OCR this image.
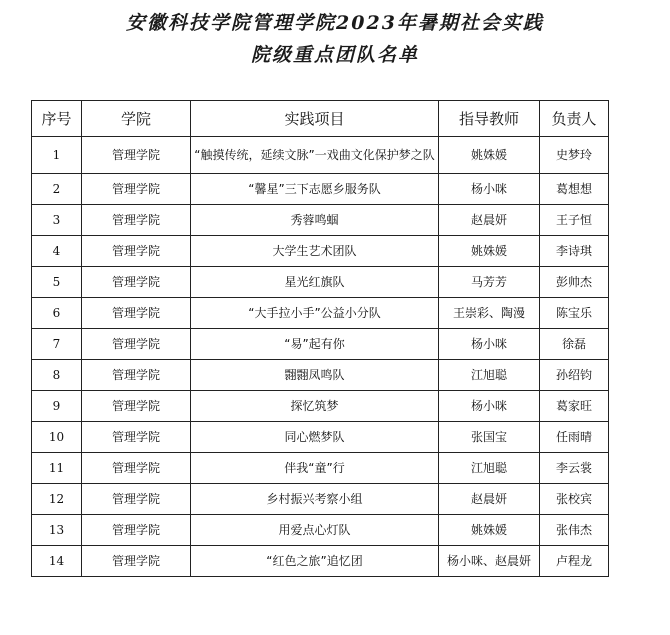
安徽科技学院管理学院2023年暑期社会实践
院级重点团队名单
序号	学院	实践项目	指导教师	负责人
1	管理学院	“触摸传统，延续文脉”一戏曲文化保护梦之队	姚姝媛	史梦玲
2	管理学院	“馨星”三下志愿乡服务队	杨小咪	葛想想
3	管理学院	秀蓉鸣蝈	赵晨妍	王子恒
4	管理学院	大学生艺术团队	姚姝媛	李诗琪
5	管理学院	星光红旗队	马芳芳	彭帅杰
6	管理学院	“大手拉小手”公益小分队	王崇彩、陶漫	陈宝乐
7	管理学院	“易”起有你	杨小咪	徐磊
8	管理学院	翾翾凤鸣队	江旭聪	孙绍钧
9	管理学院	探忆筑梦	杨小咪	葛家旺
10	管理学院	同心燃梦队	张国宝	任雨晴
11	管理学院	伴我“童”行	江旭聪	李云裳
12	管理学院	乡村振兴考察小组	赵晨妍	张校宾
13	管理学院	用爱点心灯队	姚姝媛	张伟杰
14	管理学院	“红色之旅”追忆团	杨小咪、赵晨妍	卢程龙
